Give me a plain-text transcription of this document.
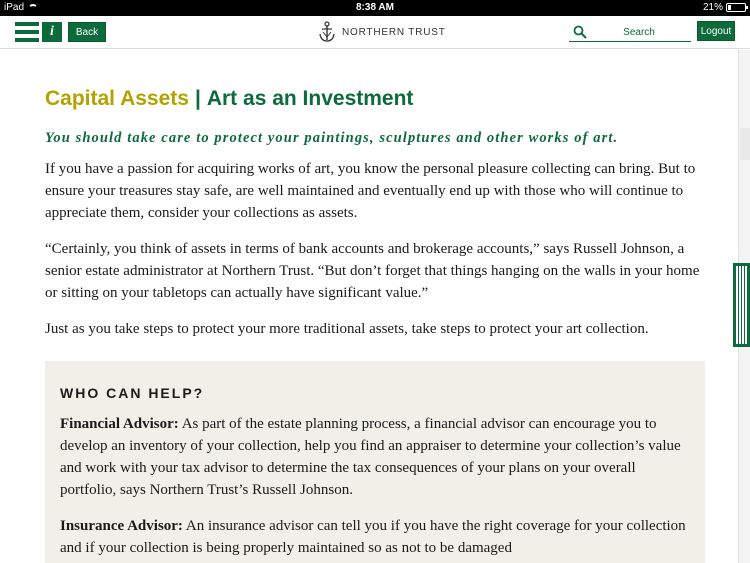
iPad	8:38 AM	21%
i	Back	NORTHERN TRUST
Search	Logout
Capital Assets | Art as an Investment

You should take care to protect your paintings, sculptures and other works of art.

If you have a passion for acquiring works of art, you know the personal pleasure collecting can bring. But to ensure your treasures stay safe, are well maintained and eventually end up with those who will continue to appreciate them, consider your collections as assets.

“Certainly, you think of assets in terms of bank accounts and brokerage accounts,” says Russell Johnson, a senior estate administrator at Northern Trust. “But don’t forget that things hanging on the walls in your home or sitting on your tabletops can actually have significant value.”

Just as you take steps to protect your more traditional assets, take steps to protect your art collection.

WHO CAN HELP?

Financial Advisor: As part of the estate planning process, a financial advisor can encourage you to develop an inventory of your collection, help you find an appraiser to determine your collection’s value and work with your tax advisor to determine the tax consequences of your plans on your overall portfolio, says Northern Trust’s Russell Johnson.

Insurance Advisor: An insurance advisor can tell you if you have the right coverage for your collection and if your collection is being properly maintained so as not to be damaged
